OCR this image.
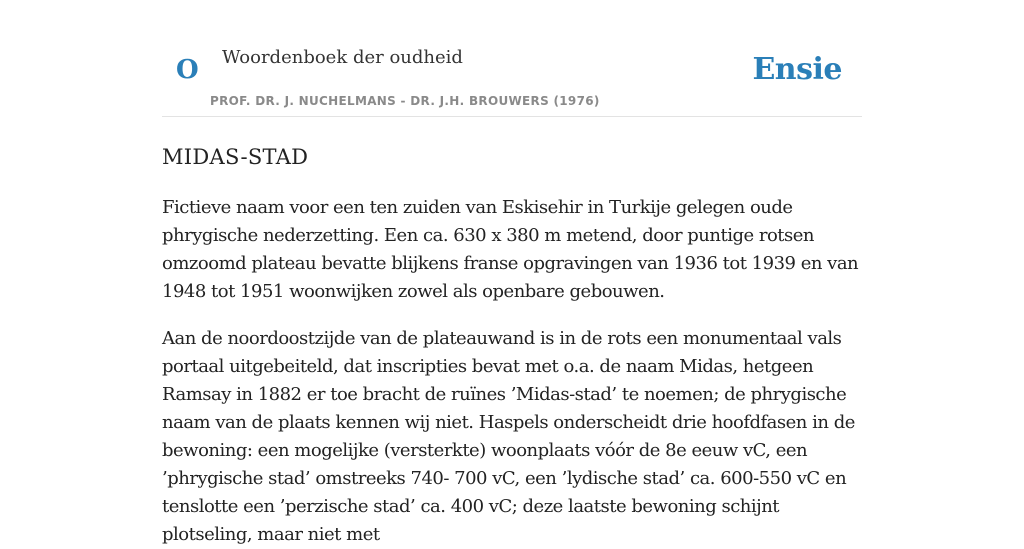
O Woordenboek der oudheid	Ensie
PROF. DR. J. NUCHELMANS - DR. J.H. BROUWERS (1976)
MIDAS-STAD

Fictieve naam voor een ten zuiden van Eskisehir in Turkije gelegen oude phrygische nederzetting. Een ca. 630 x 380 m metend, door puntige rotsen omzoomd plateau bevatte blijkens franse opgravingen van 1936 tot 1939 en van 1948 tot 1951 woonwijken zowel als openbare gebouwen.

Aan de noordoostzijde van de plateauwand is in de rots een monumentaal vals portaal uitgebeiteld, dat inscripties bevat met o.a. de naam Midas, hetgeen Ramsay in 1882 er toe bracht de ruïnes ’Midas-stad’ te noemen; de phrygische naam van de plaats kennen wij niet. Haspels onderscheidt drie hoofdfasen in de bewoning: een mogelijke (versterkte) woonplaats vóór de 8e eeuw vC, een ’phrygische stad’ omstreeks 740- 700 vC, een ’lydische stad’ ca. 600-550 vC en tenslotte een ’perzische stad’ ca. 400 vC; deze laatste bewoning schijnt plotseling, maar niet met
